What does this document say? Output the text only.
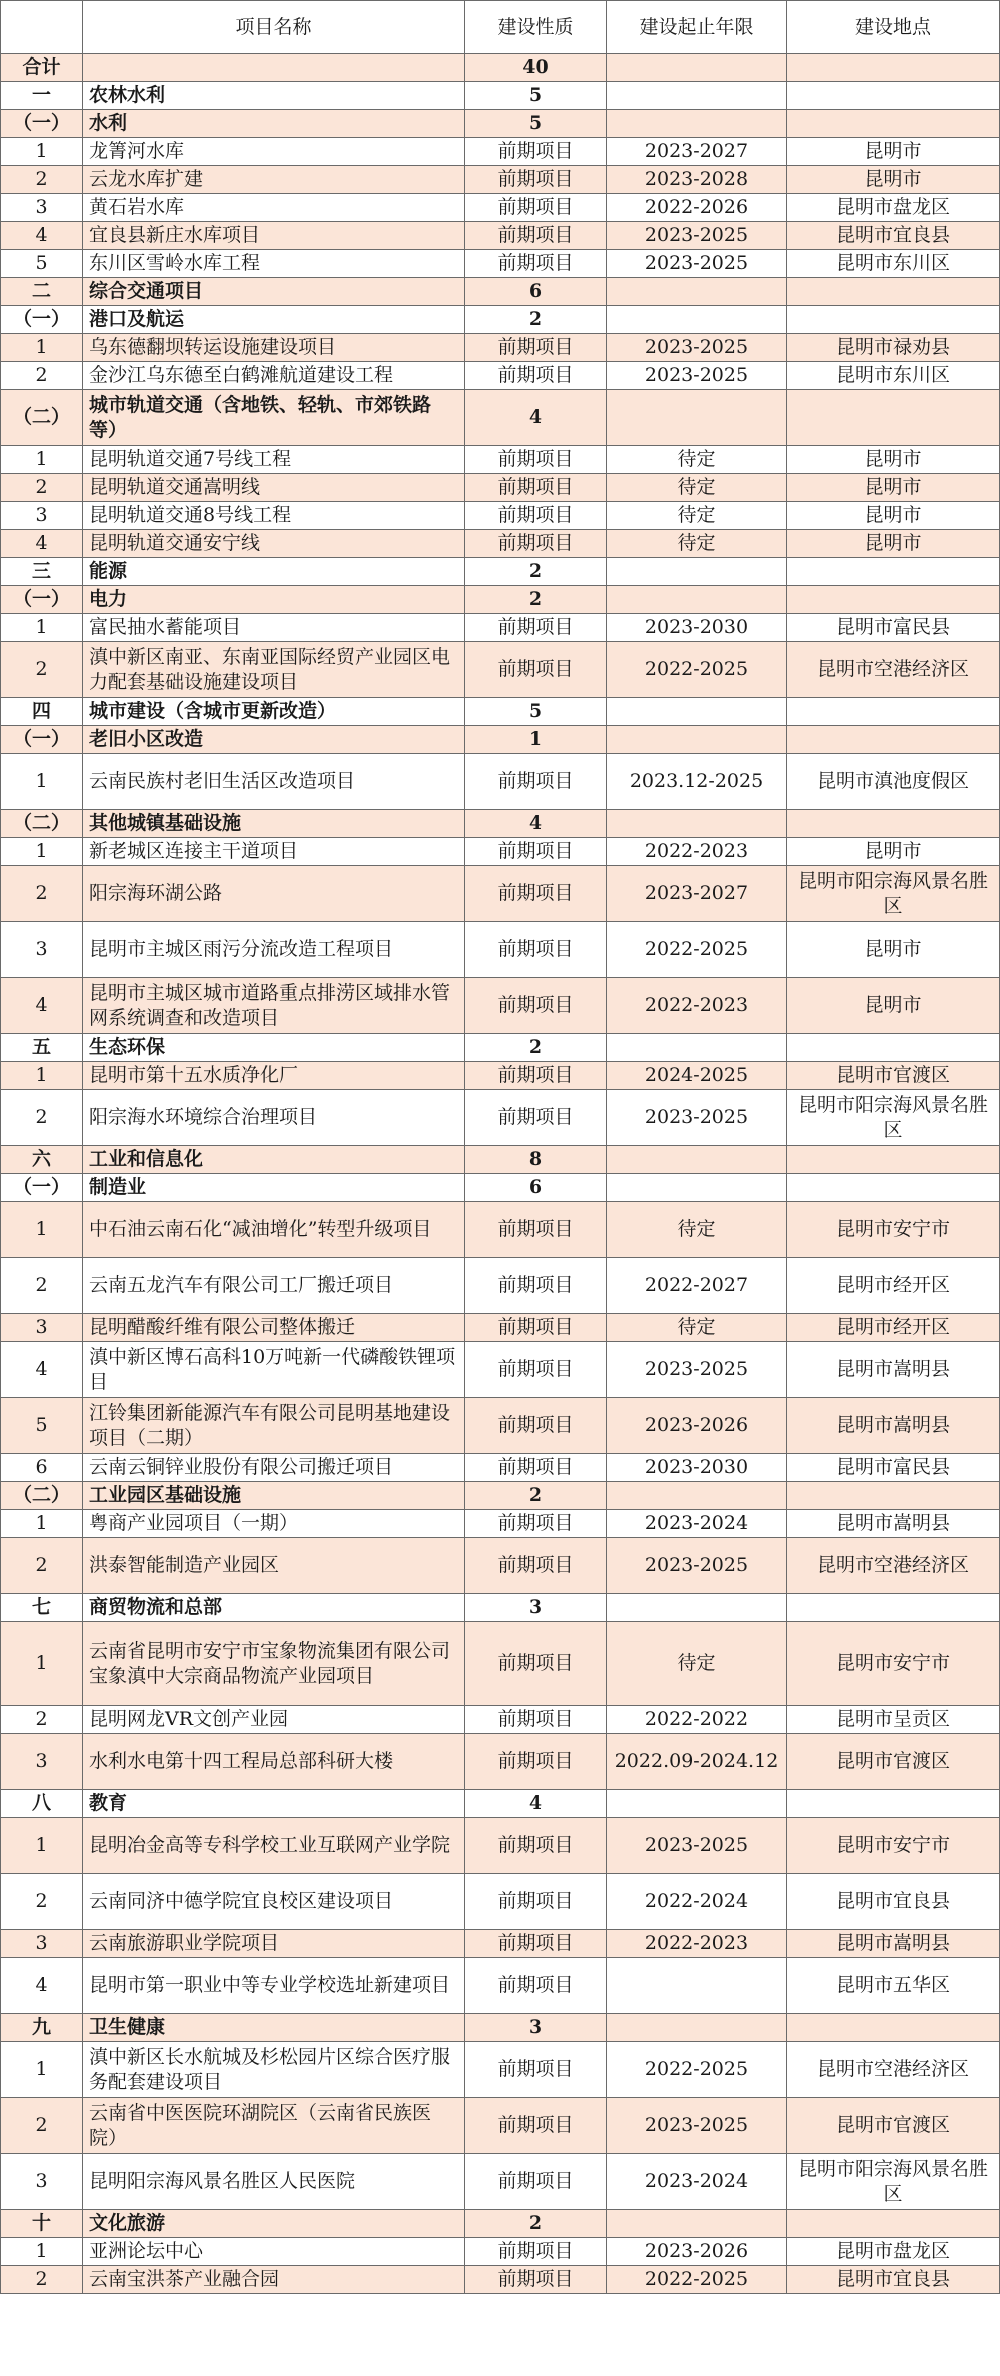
	项目名称	建设性质	建设起止年限	建设地点
合计		40		
一	农林水利	5		
（一）	水利	5		
1	龙箐河水库	前期项目	2023-2027	昆明市
2	云龙水库扩建	前期项目	2023-2028	昆明市
3	黄石岩水库	前期项目	2022-2026	昆明市盘龙区
4	宜良县新庄水库项目	前期项目	2023-2025	昆明市宜良县
5	东川区雪岭水库工程	前期项目	2023-2025	昆明市东川区
二	综合交通项目	6		
（一）	港口及航运	2		
1	乌东德翻坝转运设施建设项目	前期项目	2023-2025	昆明市禄劝县
2	金沙江乌东德至白鹤滩航道建设工程	前期项目	2023-2025	昆明市东川区
（二）	城市轨道交通（含地铁、轻轨、市郊铁路等）	4		
1	昆明轨道交通7号线工程	前期项目	待定	昆明市
2	昆明轨道交通嵩明线	前期项目	待定	昆明市
3	昆明轨道交通8号线工程	前期项目	待定	昆明市
4	昆明轨道交通安宁线	前期项目	待定	昆明市
三	能源	2		
（一）	电力	2		
1	富民抽水蓄能项目	前期项目	2023-2030	昆明市富民县
2	滇中新区南亚、东南亚国际经贸产业园区电力配套基础设施建设项目	前期项目	2022-2025	昆明市空港经济区
四	城市建设（含城市更新改造）	5		
（一）	老旧小区改造	1		
1	云南民族村老旧生活区改造项目	前期项目	2023.12-2025	昆明市滇池度假区
（二）	其他城镇基础设施	4		
1	新老城区连接主干道项目	前期项目	2022-2023	昆明市
2	阳宗海环湖公路	前期项目	2023-2027	昆明市阳宗海风景名胜区
3	昆明市主城区雨污分流改造工程项目	前期项目	2022-2025	昆明市
4	昆明市主城区城市道路重点排涝区域排水管网系统调查和改造项目	前期项目	2022-2023	昆明市
五	生态环保	2		
1	昆明市第十五水质净化厂	前期项目	2024-2025	昆明市官渡区
2	阳宗海水环境综合治理项目	前期项目	2023-2025	昆明市阳宗海风景名胜区
六	工业和信息化	8		
（一）	制造业	6		
1	中石油云南石化“减油增化”转型升级项目	前期项目	待定	昆明市安宁市
2	云南五龙汽车有限公司工厂搬迁项目	前期项目	2022-2027	昆明市经开区
3	昆明醋酸纤维有限公司整体搬迁	前期项目	待定	昆明市经开区
4	滇中新区博石高科10万吨新一代磷酸铁锂项目	前期项目	2023-2025	昆明市嵩明县
5	江铃集团新能源汽车有限公司昆明基地建设项目（二期）	前期项目	2023-2026	昆明市嵩明县
6	云南云铜锌业股份有限公司搬迁项目	前期项目	2023-2030	昆明市富民县
（二）	工业园区基础设施	2		
1	粤商产业园项目（一期）	前期项目	2023-2024	昆明市嵩明县
2	洪泰智能制造产业园区	前期项目	2023-2025	昆明市空港经济区
七	商贸物流和总部	3		
1	云南省昆明市安宁市宝象物流集团有限公司宝象滇中大宗商品物流产业园项目	前期项目	待定	昆明市安宁市
2	昆明网龙VR文创产业园	前期项目	2022-2022	昆明市呈贡区
3	水利水电第十四工程局总部科研大楼	前期项目	2022.09-2024.12	昆明市官渡区
八	教育	4		
1	昆明冶金高等专科学校工业互联网产业学院	前期项目	2023-2025	昆明市安宁市
2	云南同济中德学院宜良校区建设项目	前期项目	2022-2024	昆明市宜良县
3	云南旅游职业学院项目	前期项目	2022-2023	昆明市嵩明县
4	昆明市第一职业中等专业学校选址新建项目	前期项目		昆明市五华区
九	卫生健康	3		
1	滇中新区长水航城及杉松园片区综合医疗服务配套建设项目	前期项目	2022-2025	昆明市空港经济区
2	云南省中医医院环湖院区（云南省民族医院）	前期项目	2023-2025	昆明市官渡区
3	昆明阳宗海风景名胜区人民医院	前期项目	2023-2024	昆明市阳宗海风景名胜区
十	文化旅游	2		
1	亚洲论坛中心	前期项目	2023-2026	昆明市盘龙区
2	云南宝洪茶产业融合园	前期项目	2022-2025	昆明市宜良县
